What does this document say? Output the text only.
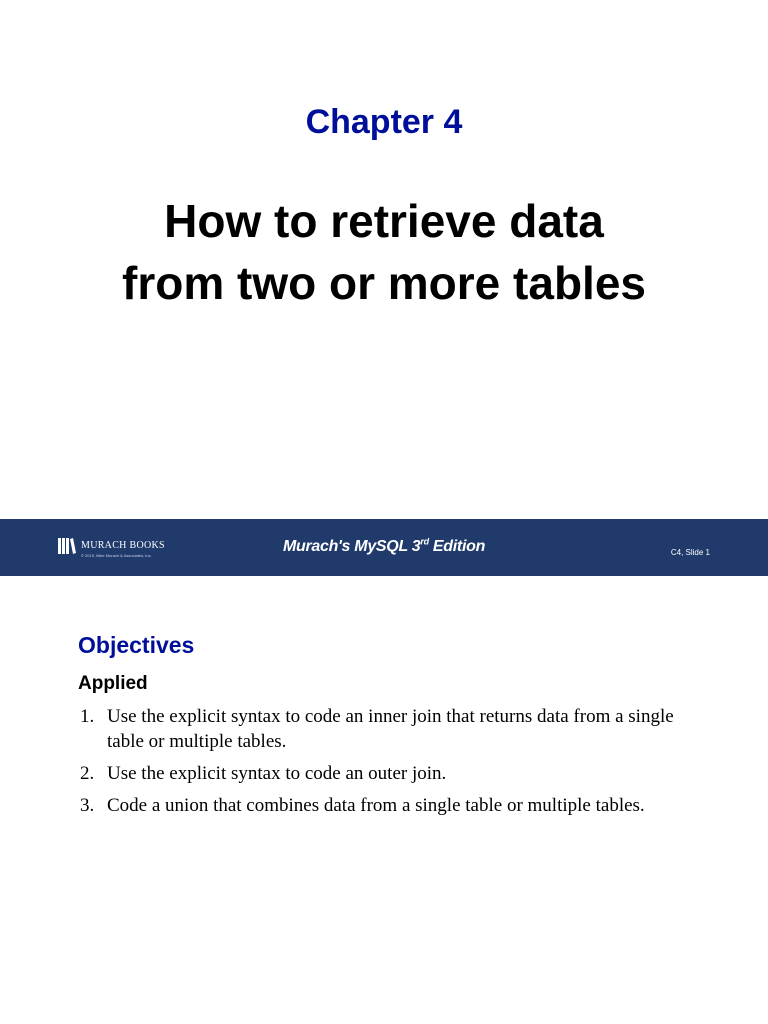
Chapter 4
How to retrieve data
from two or more tables
MURACH BOOKS
© 2019, Mike Murach & Associates, Inc.
Murach's MySQL 3rd Edition	C4, Slide 1
Objectives
Applied
1. Use the explicit syntax to code an inner join that returns data from a single table or multiple tables.
2. Use the explicit syntax to code an outer join.
3. Code a union that combines data from a single table or multiple tables.
